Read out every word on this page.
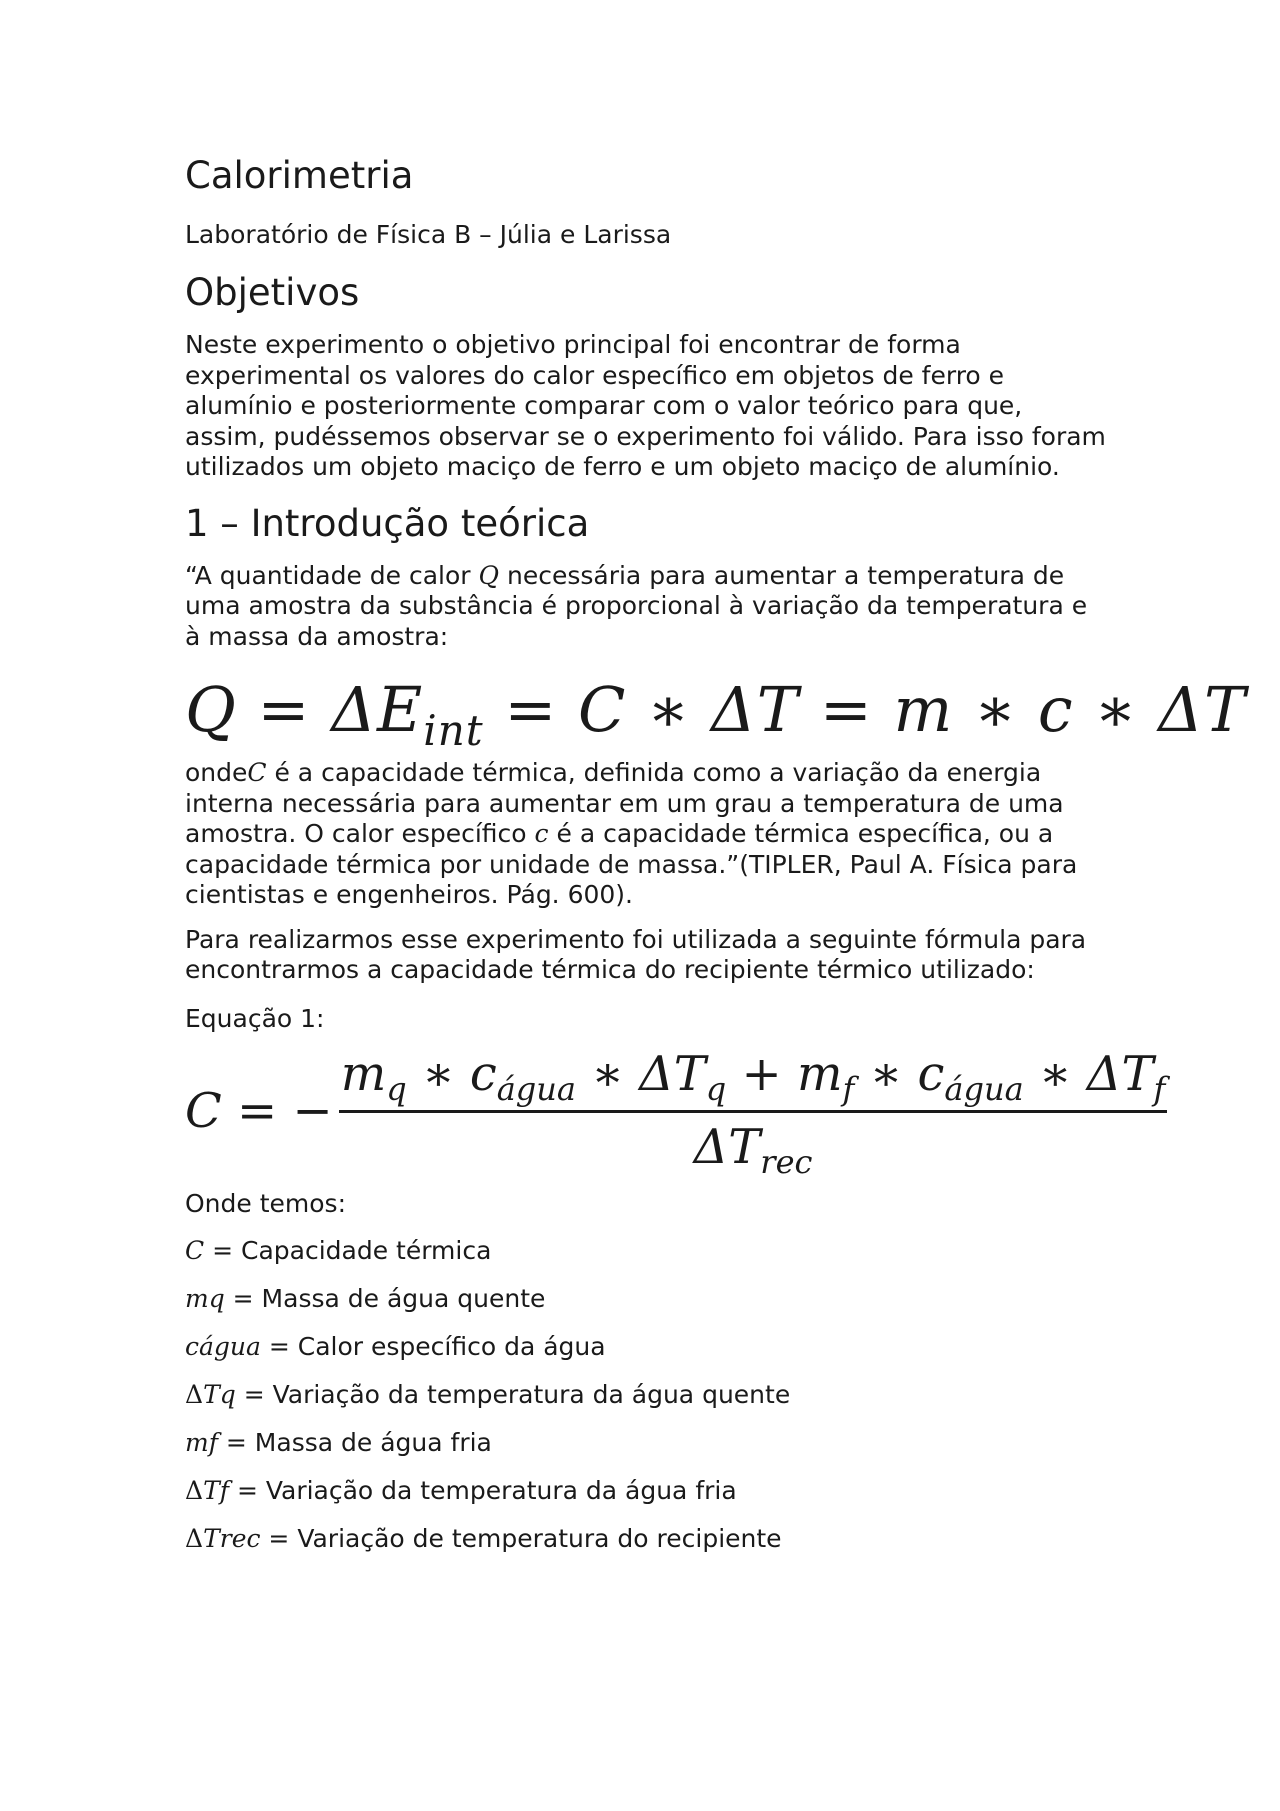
Calorimetria
Laboratório de Física B – Júlia e Larissa
Objetivos

Neste experimento o objetivo principal foi encontrar de forma experimental os valores do calor específico em objetos de ferro e alumínio e posteriormente comparar com o valor teórico para que, assim, pudéssemos observar se o experimento foi válido. Para isso foram utilizados um objeto maciço de ferro e um objeto maciço de alumínio.

1 – Introdução teórica

“A quantidade de calor Q necessária para aumentar a temperatura de uma amostra da substância é proporcional à variação da temperatura e à massa da amostra:

$Q = \Delta E_{int} = C$ ∗ ΔT = m ∗ c ∗ ΔT

ondeC é a capacidade térmica, definida como a variação da energia interna necessária para aumentar em um grau a temperatura de uma amostra. O calor específico c é a capacidade térmica específica, ou a capacidade térmica por unidade de massa.”(TIPLER, Paul A. Física para cientistas e engenheiros. Pág. 600).

Para realizarmos esse experimento foi utilizada a seguinte fórmula para encontrarmos a capacidade térmica do recipiente térmico utilizado:

Equação 1:

C = − $\frac{m_q ∗ c_{água} ∗ \Delta T_q + m_f ∗ c_{água} ∗ \Delta T_f}{\Delta T_{rec}}$

Onde temos:

C = Capacidade térmica
mq = Massa de água quente
cágua = Calor específico da água
ΔTq = Variação da temperatura da água quente
mf = Massa de água fria
ΔTf = Variação da temperatura da água fria
ΔTrec = Variação de temperatura do recipiente
